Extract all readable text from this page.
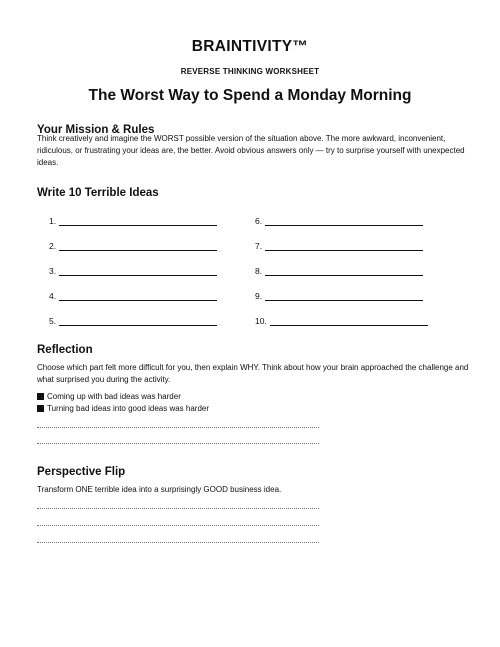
BRAINTIVITY™
REVERSE THINKING WORKSHEET
The Worst Way to Spend a Monday Morning
Your Mission & Rules
Think creatively and imagine the WORST possible version of the situation above. The more awkward, inconvenient, ridiculous, or frustrating your ideas are, the better. Avoid obvious answers only — try to surprise yourself with unexpected ideas.
Write 10 Terrible Ideas
1.
2.
3.
4.
5.
6.
7.
8.
9.
10.
Reflection
Choose which part felt more difficult for you, then explain WHY. Think about how your brain approached the challenge and what surprised you during the activity.
Coming up with bad ideas was harder
Turning bad ideas into good ideas was harder
Perspective Flip
Transform ONE terrible idea into a surprisingly GOOD business idea.
